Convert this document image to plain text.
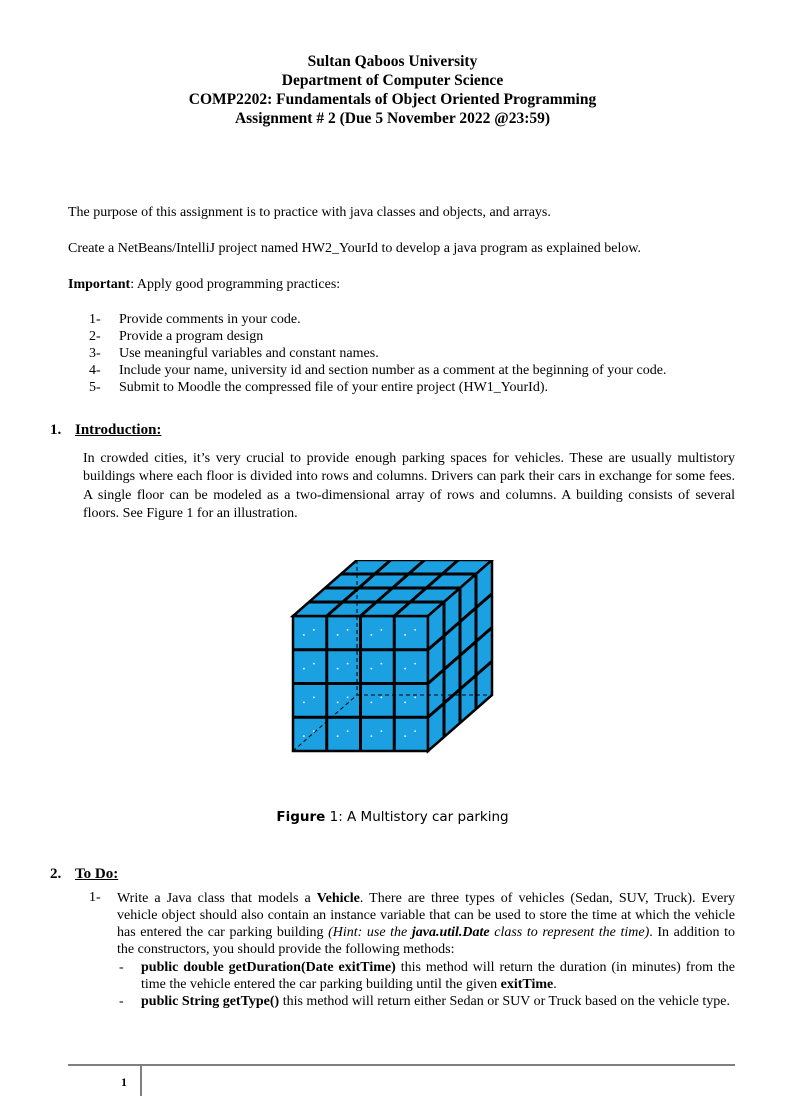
Sultan Qaboos University
Department of Computer Science
COMP2202: Fundamentals of Object Oriented Programming
Assignment # 2 (Due 5 November 2022 @23:59)
The purpose of this assignment is to practice with java classes and objects, and arrays.
Create a NetBeans/IntelliJ project named HW2_YourId to develop a java program as explained below.
Important: Apply good programming practices:
1- Provide comments in your code.
2- Provide a program design
3- Use meaningful variables and constant names.
4- Include your name, university id and section number as a comment at the beginning of your code.
5- Submit to Moodle the compressed file of your entire project (HW1_YourId).
1. Introduction:
In crowded cities, it’s very crucial to provide enough parking spaces for vehicles. These are usually multistory buildings where each floor is divided into rows and columns. Drivers can park their cars in exchange for some fees. A single floor can be modeled as a two-dimensional array of rows and columns. A building consists of several floors. See Figure 1 for an illustration.
Figure 1: A Multistory car parking
2. To Do:
1- Write a Java class that models a Vehicle. There are three types of vehicles (Sedan, SUV, Truck). Every vehicle object should also contain an instance variable that can be used to store the time at which the vehicle has entered the car parking building (Hint: use the java.util.Date class to represent the time). In addition to the constructors, you should provide the following methods:
- public double getDuration(Date exitTime) this method will return the duration (in minutes) from the time the vehicle entered the car parking building until the given exitTime.
- public String getType() this method will return either Sedan or SUV or Truck based on the vehicle type.
1
